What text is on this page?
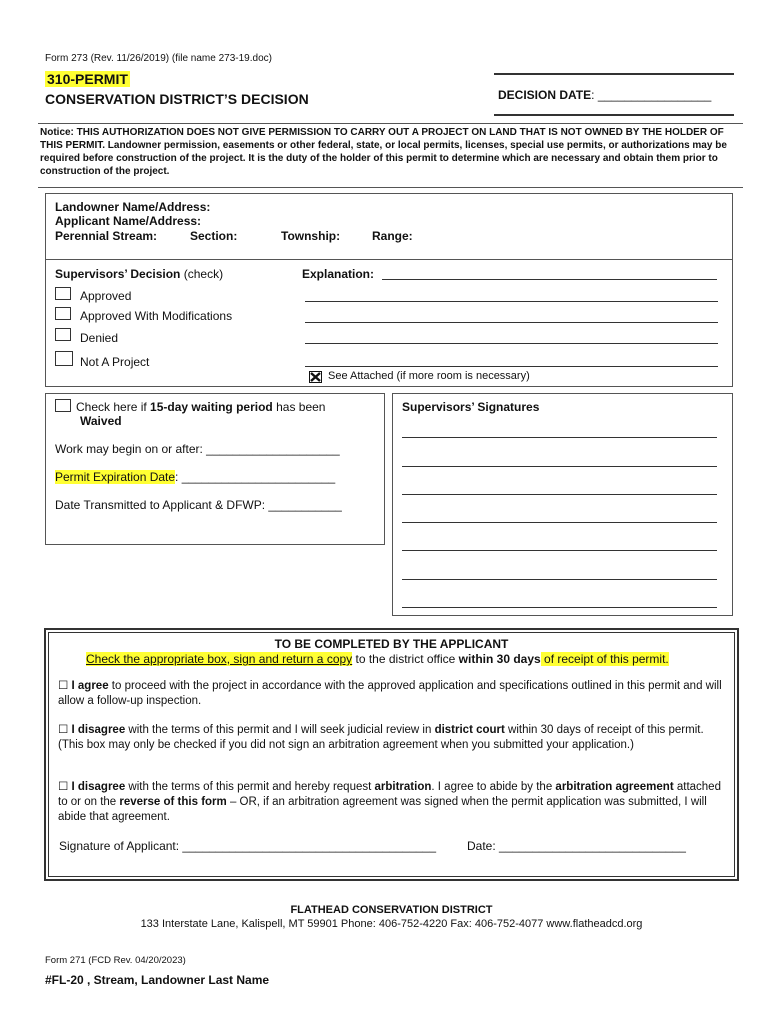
Form 273 (Rev. 11/26/2019) (file name 273-19.doc)
310-PERMIT
CONSERVATION DISTRICT’S DECISION	DECISION DATE: _________________
Notice: THIS AUTHORIZATION DOES NOT GIVE PERMISSION TO CARRY OUT A PROJECT ON LAND THAT IS NOT OWNED BY THE HOLDER OF THIS PERMIT. Landowner permission, easements or other federal, state, or local permits, licenses, special use permits, or authorizations may be required before construction of the project. It is the duty of the holder of this permit to determine which are necessary and obtain them prior to construction of the project.
Landowner Name/Address:
Applicant Name/Address:
Perennial Stream:	Section:	Township:	Range:
Supervisors’ Decision (check)
Approved
Approved With Modifications
Denied
Not A Project
Explanation:
See Attached (if more room is necessary)
Check here if 15-day waiting period has been
Waived
Work may begin on or after: ____________________
Permit Expiration Date: _______________________
Date Transmitted to Applicant & DFWP: ___________
Supervisors’ Signatures
TO BE COMPLETED BY THE APPLICANT
Check the appropriate box, sign and return a copy to the district office within 30 days of receipt of this permit.

☐ I agree to proceed with the project in accordance with the approved application and specifications outlined in this permit and will allow a follow-up inspection.

☐ I disagree with the terms of this permit and I will seek judicial review in district court within 30 days of receipt of this permit. (This box may only be checked if you did not sign an arbitration agreement when you submitted your application.)

☐ I disagree with the terms of this permit and hereby request arbitration. I agree to abide by the arbitration agreement attached to or on the reverse of this form – OR, if an arbitration agreement was signed when the permit application was submitted, I will abide that agreement.

Signature of Applicant: ______________________________________	Date: ____________________________
FLATHEAD CONSERVATION DISTRICT
133 Interstate Lane, Kalispell, MT 59901 Phone: 406-752-4220 Fax: 406-752-4077 www.flatheadcd.org
Form 271 (FCD Rev. 04/20/2023)
#FL-20 , Stream, Landowner Last Name
